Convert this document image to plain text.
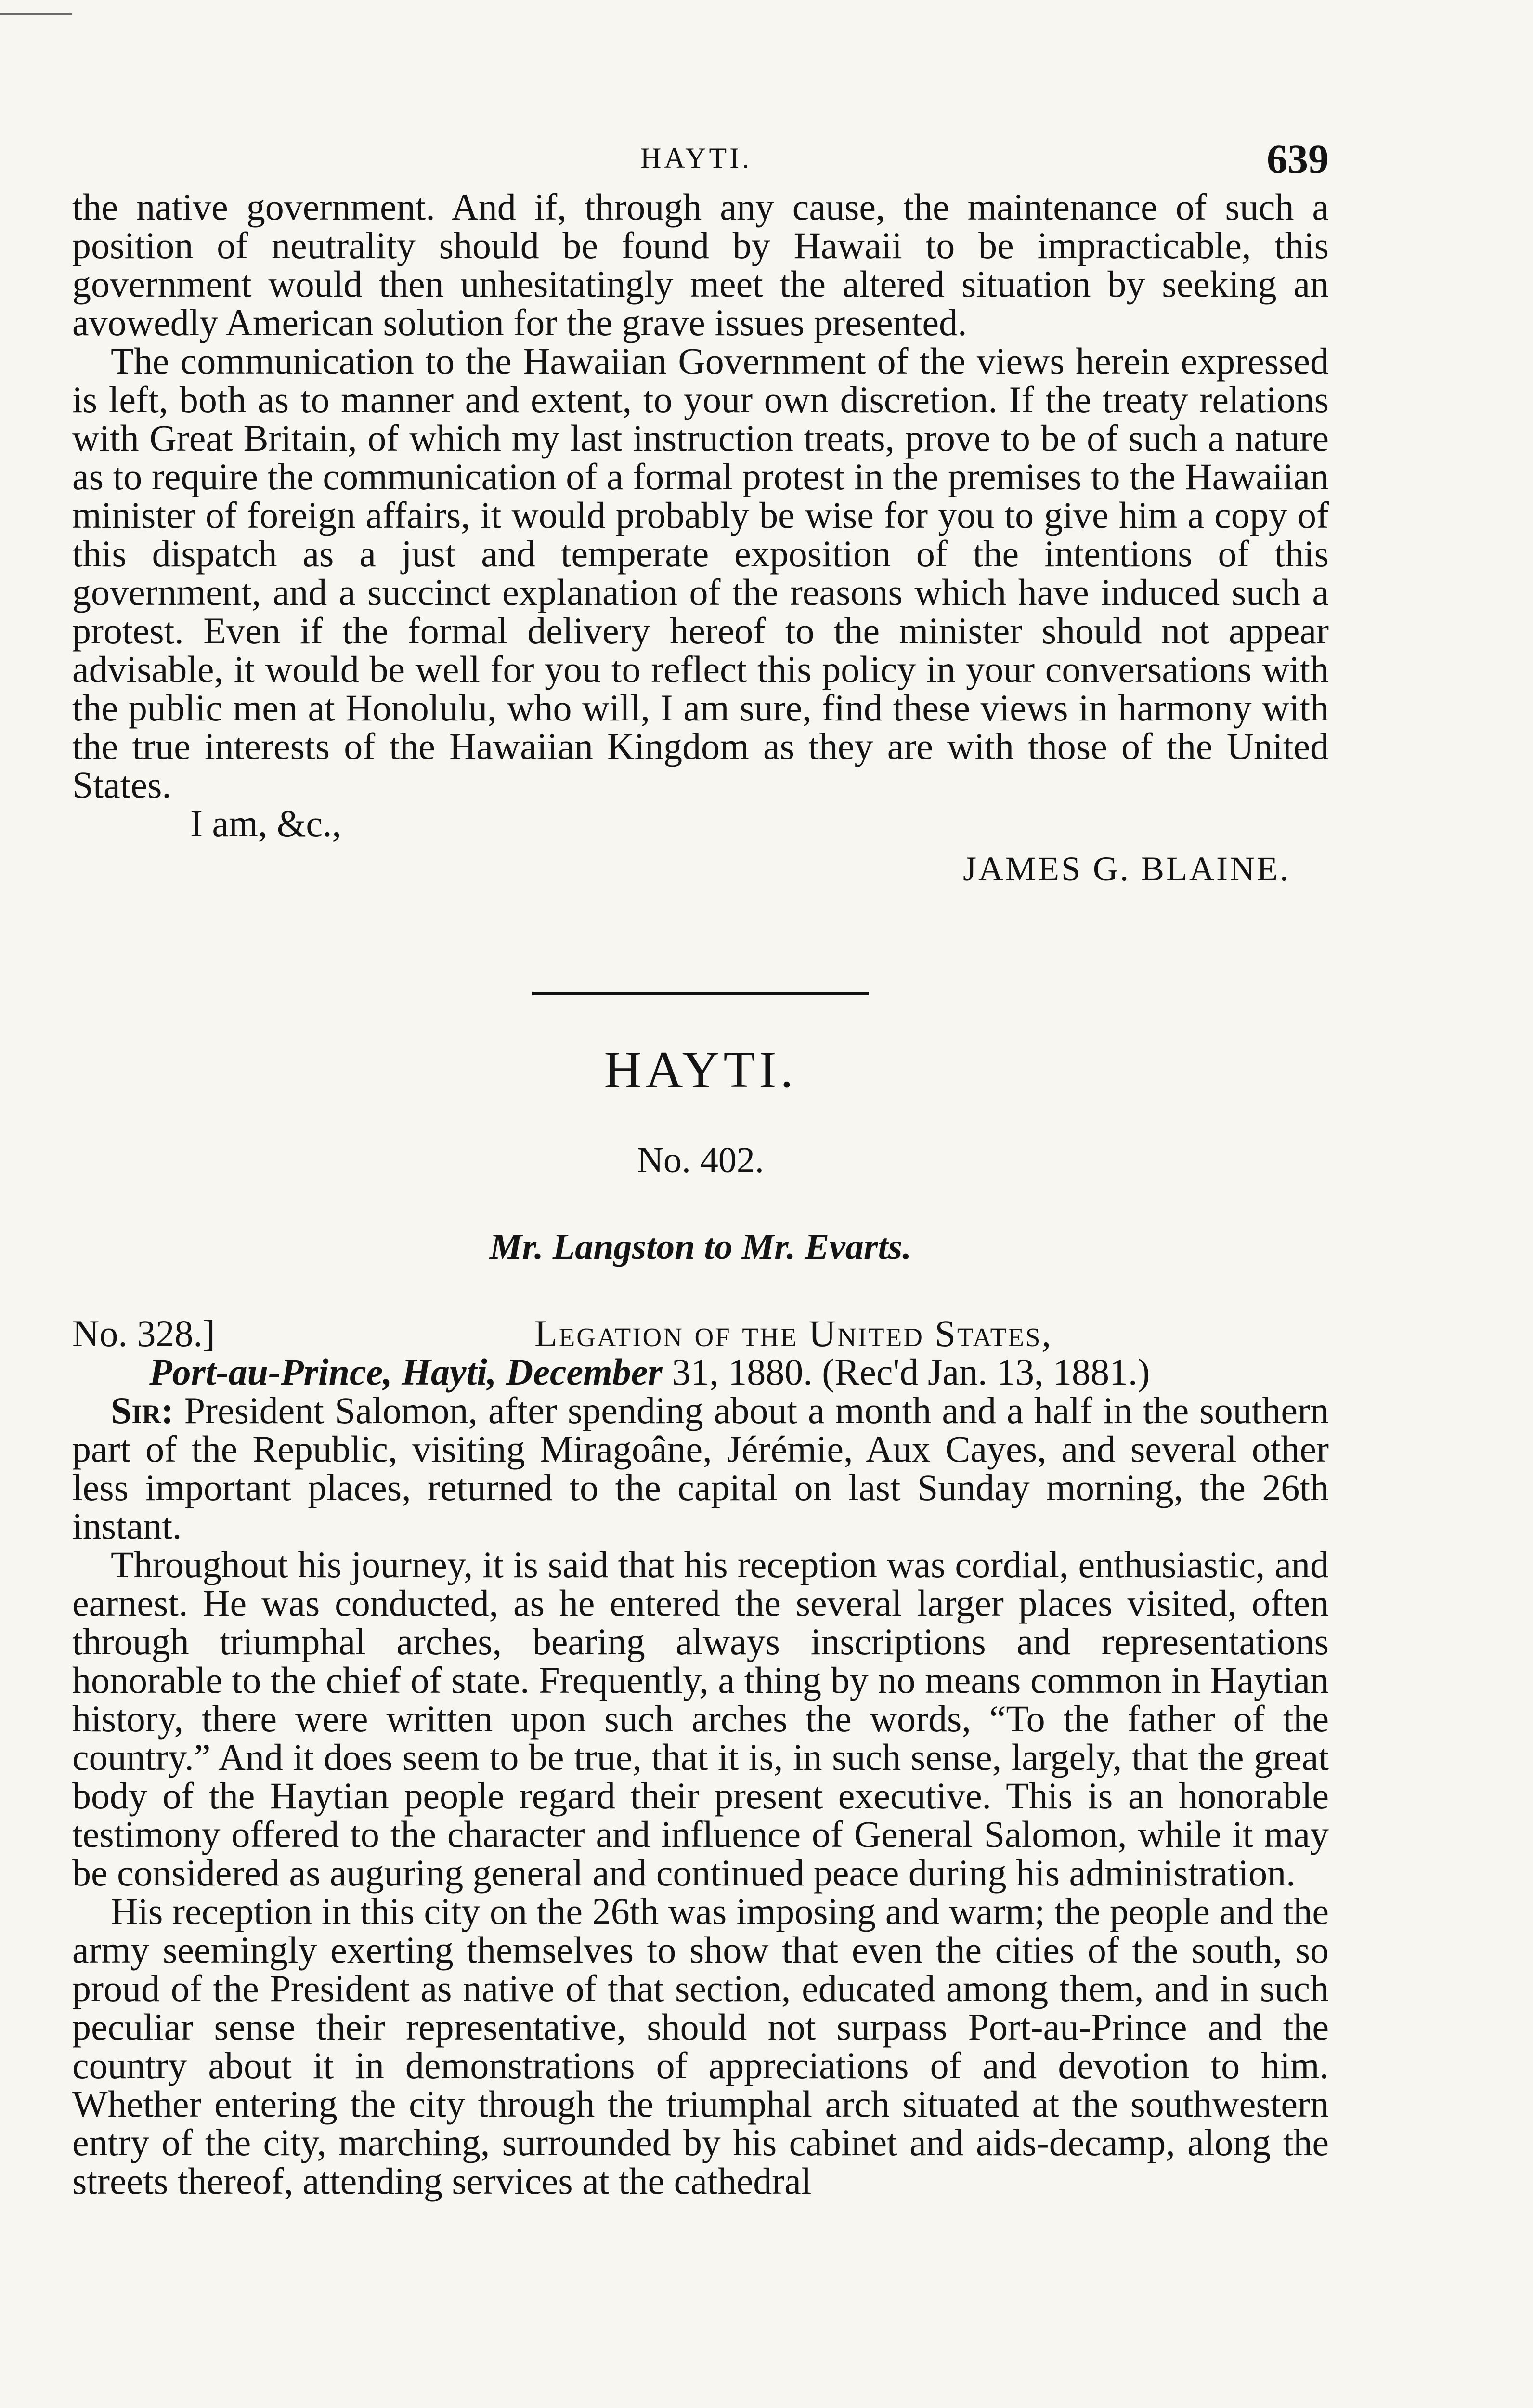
HAYTI.	639

the native government. And if, through any cause, the maintenance of such a position of neutrality should be found by Hawaii to be impracticable, this government would then unhesitatingly meet the altered situation by seeking an avowedly American solution for the grave issues presented.

The communication to the Hawaiian Government of the views herein expressed is left, both as to manner and extent, to your own discretion. If the treaty relations with Great Britain, of which my last instruction treats, prove to be of such a nature as to require the communication of a formal protest in the premises to the Hawaiian minister of foreign affairs, it would probably be wise for you to give him a copy of this dispatch as a just and temperate exposition of the intentions of this government, and a succinct explanation of the reasons which have induced such a protest. Even if the formal delivery hereof to the minister should not appear advisable, it would be well for you to reflect this policy in your conversations with the public men at Honolulu, who will, I am sure, find these views in harmony with the true interests of the Hawaiian Kingdom as they are with those of the United States.

I am, &c.,
JAMES G. BLAINE.
HAYTI.
No. 402.
Mr. Langston to Mr. Evarts.
No. 328.]	Legation of the United States,
Port-au-Prince, Hayti, December 31, 1880. (Rec'd Jan. 13, 1881.)

Sir: President Salomon, after spending about a month and a half in the southern part of the Republic, visiting Miragoâne, Jérémie, Aux Cayes, and several other less important places, returned to the capital on last Sunday morning, the 26th instant.

Throughout his journey, it is said that his reception was cordial, enthusiastic, and earnest. He was conducted, as he entered the several larger places visited, often through triumphal arches, bearing always inscriptions and representations honorable to the chief of state. Frequently, a thing by no means common in Haytian history, there were written upon such arches the words, “To the father of the country.” And it does seem to be true, that it is, in such sense, largely, that the great body of the Haytian people regard their present executive. This is an honorable testimony offered to the character and influence of General Salomon, while it may be considered as auguring general and continued peace during his administration.

His reception in this city on the 26th was imposing and warm; the people and the army seemingly exerting themselves to show that even the cities of the south, so proud of the President as native of that section, educated among them, and in such peculiar sense their representative, should not surpass Port-au-Prince and the country about it in demonstrations of appreciations of and devotion to him. Whether entering the city through the triumphal arch situated at the southwestern entry of the city, marching, surrounded by his cabinet and aids-decamp, along the streets thereof, attending services at the cathedral
